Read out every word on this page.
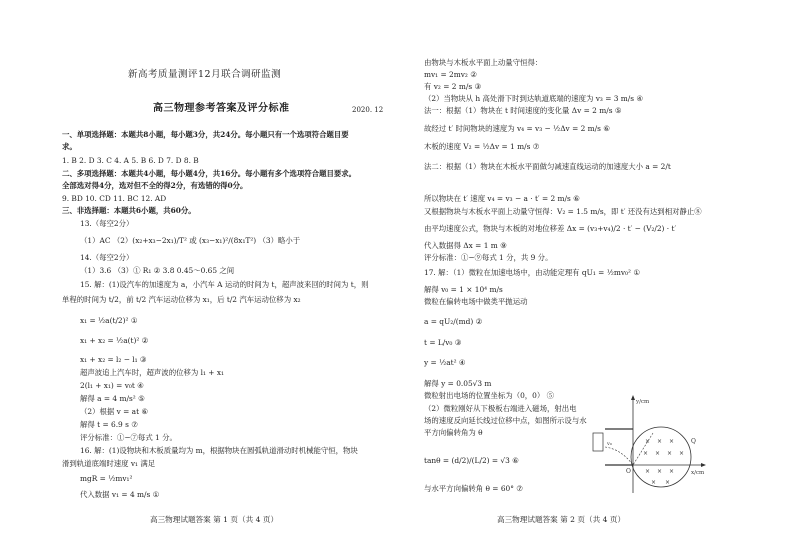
新高考质量测评12月联合调研监测
高三物理参考答案及评分标准	2020. 12
一、单项选择题：本题共8小题，每小题3分，共24分。每小题只有一个选项符合题目要
求。
1. B 2. D 3. C 4. A 5. B 6. D 7. D 8. B
二、多项选择题：本题共4小题，每小题4分，共16分。每小题有多个选项符合题目要求。
全部选对得4分，选对但不全的得2分，有选错的得0分。
9. BD 10. CD 11. BC 12. AD
三、非选择题：本题共6小题，共60分。
13.（每空2分）
（1）AC （2）(x₂+x₃−2x₁)/T² 或 (x₃−x₁)²/(8x₁T²) （3）略小于
14.（每空2分）
（1）3.6 （3）① R₁ ② 3.8 0.45～0.65 之间
15. 解：(1)设汽车的加速度为 a，小汽车 A 运动的时间为 t，超声波来回的时间为 t，则
单程的时间为 t/2，前 t/2 汽车运动位移为 x₁，后 t/2 汽车运动位移为 x₂
x₁ = ½a(t/2)² ①
x₁ + x₂ = ½a(t)² ②
x₁ + x₂ = l₂ − l₁ ③
超声波追上汽车时，超声波的位移为 l₁ + x₁
2(l₁ + x₁) = v₀t ④
解得 a = 4 m/s² ⑤
（2）根据 v = at ⑥
解得 t = 6.9 s ⑦
评分标准：①−⑦每式 1 分。
16. 解：(1)设物块和木板质量均为 m，根据物块在圆弧轨道滑动时机械能守恒，物块
滑到轨道底端时速度 v₁ 满足
mgR = ½mv₁²
代入数据 v₁ = 4 m/s ①
高三物理试题答案 第 1 页（共 4 页）
由物块与木板水平面上动量守恒得：
mv₁ = 2mv₂ ②
有 v₂ = 2 m/s ③
（2）当物块从 h 高处滑下时到达轨道底端的速度为 v₃ = 3 m/s ④
法一：根据（1）物块在 t 时间速度的变化量 Δv = 2 m/s ⑤
故经过 t′ 时间物块的速度为 v₄ = v₃ − ½Δv = 2 m/s ⑥
木板的速度 V₂ = ½Δv = 1 m/s ⑦
法二：根据（1）物块在木板水平面做匀减速直线运动的加速度大小 a = 2/t
所以物块在 t′ 速度 v₄ = v₃ − a · t′ = 2 m/s ⑥
又根据物块与木板水平面上动量守恒得：V₂ = 1.5 m/s，即 t′ 还没有达到相对静止⑧
由平均速度公式，物块与木板的对地位移差 Δx = (v₃+v₄)/2 · t′ − (V₂/2) · t′
代入数据得 Δx = 1 m ⑨
评分标准：①−⑨每式 1 分，共 9 分。
17. 解：（1）微粒在加速电场中，由动能定理有 qU₁ = ½mv₀² ①
解得 v₀ = 1 × 10⁴ m/s
微粒在偏转电场中做类平抛运动
a = qU₂/(md) ②
t = L/v₀ ③
y = ½at² ④
解得 y = 0.05√3 m
微粒射出电场的位置坐标为（0，0） ⑤
（2）微粒刚好从下极板右端进入磁场，射出电
场的速度反向延长线过位移中点，如图所示设与水
平方向偏转角为 θ
tanθ = (d/2)/(L/2) = √3 ⑥
与水平方向偏转角 θ = 60° ⑦
× × ×
× × × ×
× × ×
× ×
y/cm
x/cm
O
Q
v₀
高三物理试题答案 第 2 页（共 4 页）
